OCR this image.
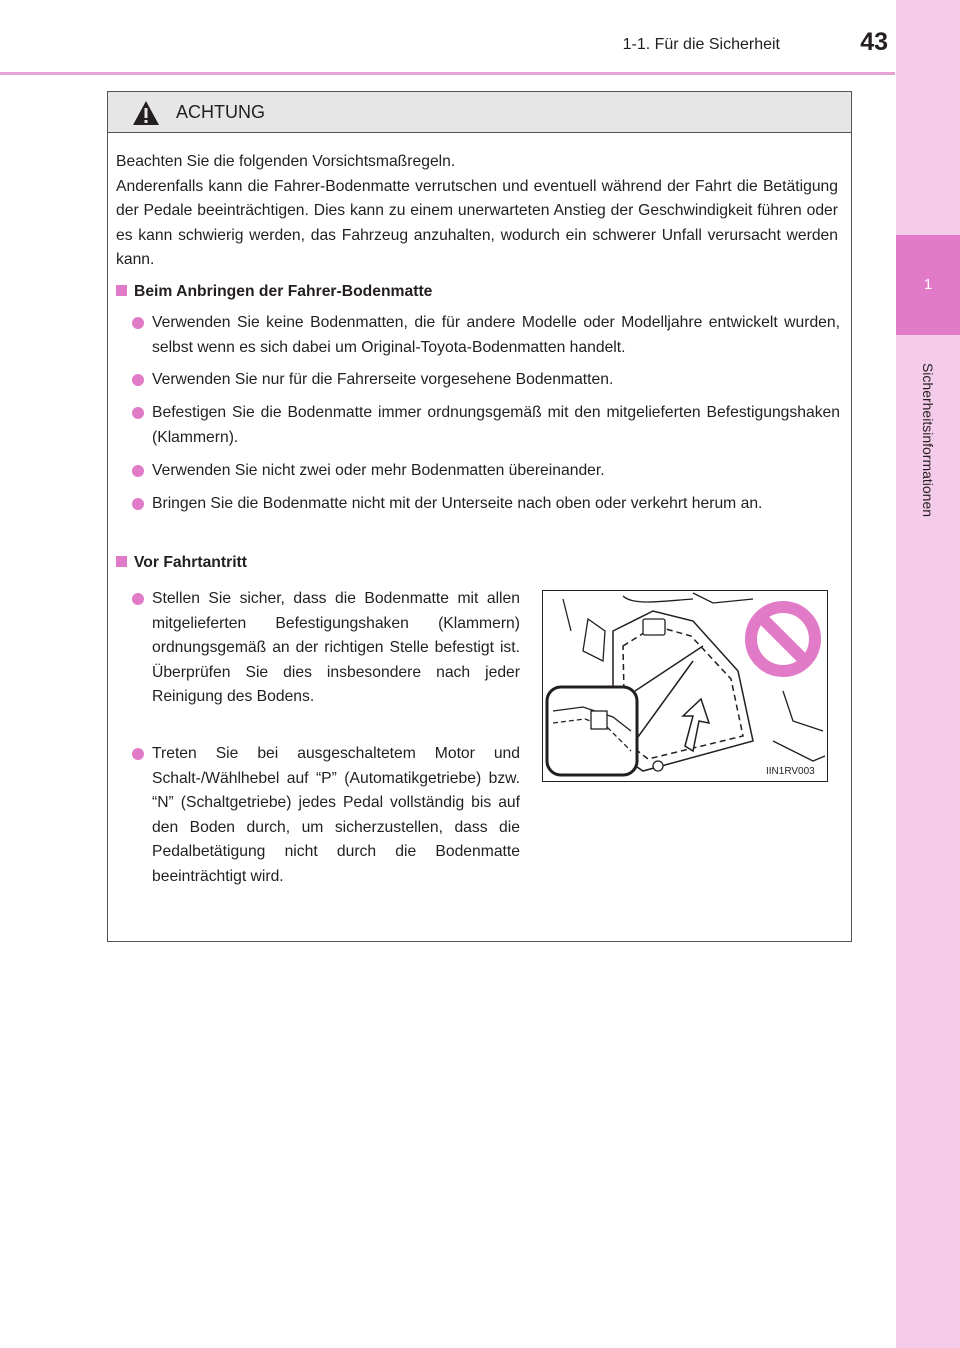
1-1. Für die Sicherheit	43
1
Sicherheitsinformationen
ACHTUNG

Beachten Sie die folgenden Vorsichtsmaßregeln.

Anderenfalls kann die Fahrer-Bodenmatte verrutschen und eventuell während der Fahrt die Betätigung der Pedale beeinträchtigen. Dies kann zu einem unerwarteten Anstieg der Geschwindigkeit führen oder es kann schwierig werden, das Fahrzeug anzuhalten, wodurch ein schwerer Unfall verursacht werden kann.

Beim Anbringen der Fahrer-Bodenmatte
Verwenden Sie keine Bodenmatten, die für andere Modelle oder Modelljahre entwickelt wurden, selbst wenn es sich dabei um Original-Toyota-Bodenmatten handelt.
Verwenden Sie nur für die Fahrerseite vorgesehene Bodenmatten.
Befestigen Sie die Bodenmatte immer ordnungsgemäß mit den mitgelieferten Befestigungshaken (Klammern).
Verwenden Sie nicht zwei oder mehr Bodenmatten übereinander.
Bringen Sie die Bodenmatte nicht mit der Unterseite nach oben oder verkehrt herum an.
Vor Fahrtantritt
Stellen Sie sicher, dass die Bodenmatte mit allen mitgelieferten Befestigungshaken (Klammern) ordnungsgemäß an der richtigen Stelle befestigt ist. Überprüfen Sie dies insbesondere nach jeder Reinigung des Bodens.
Treten Sie bei ausgeschaltetem Motor und Schalt-/Wählhebel auf “P” (Automatikgetriebe) bzw. “N” (Schaltgetriebe) jedes Pedal vollständig bis auf den Boden durch, um sicherzustellen, dass die Pedalbetätigung nicht durch die Bodenmatte beeinträchtigt wird.
IIN1RV003
